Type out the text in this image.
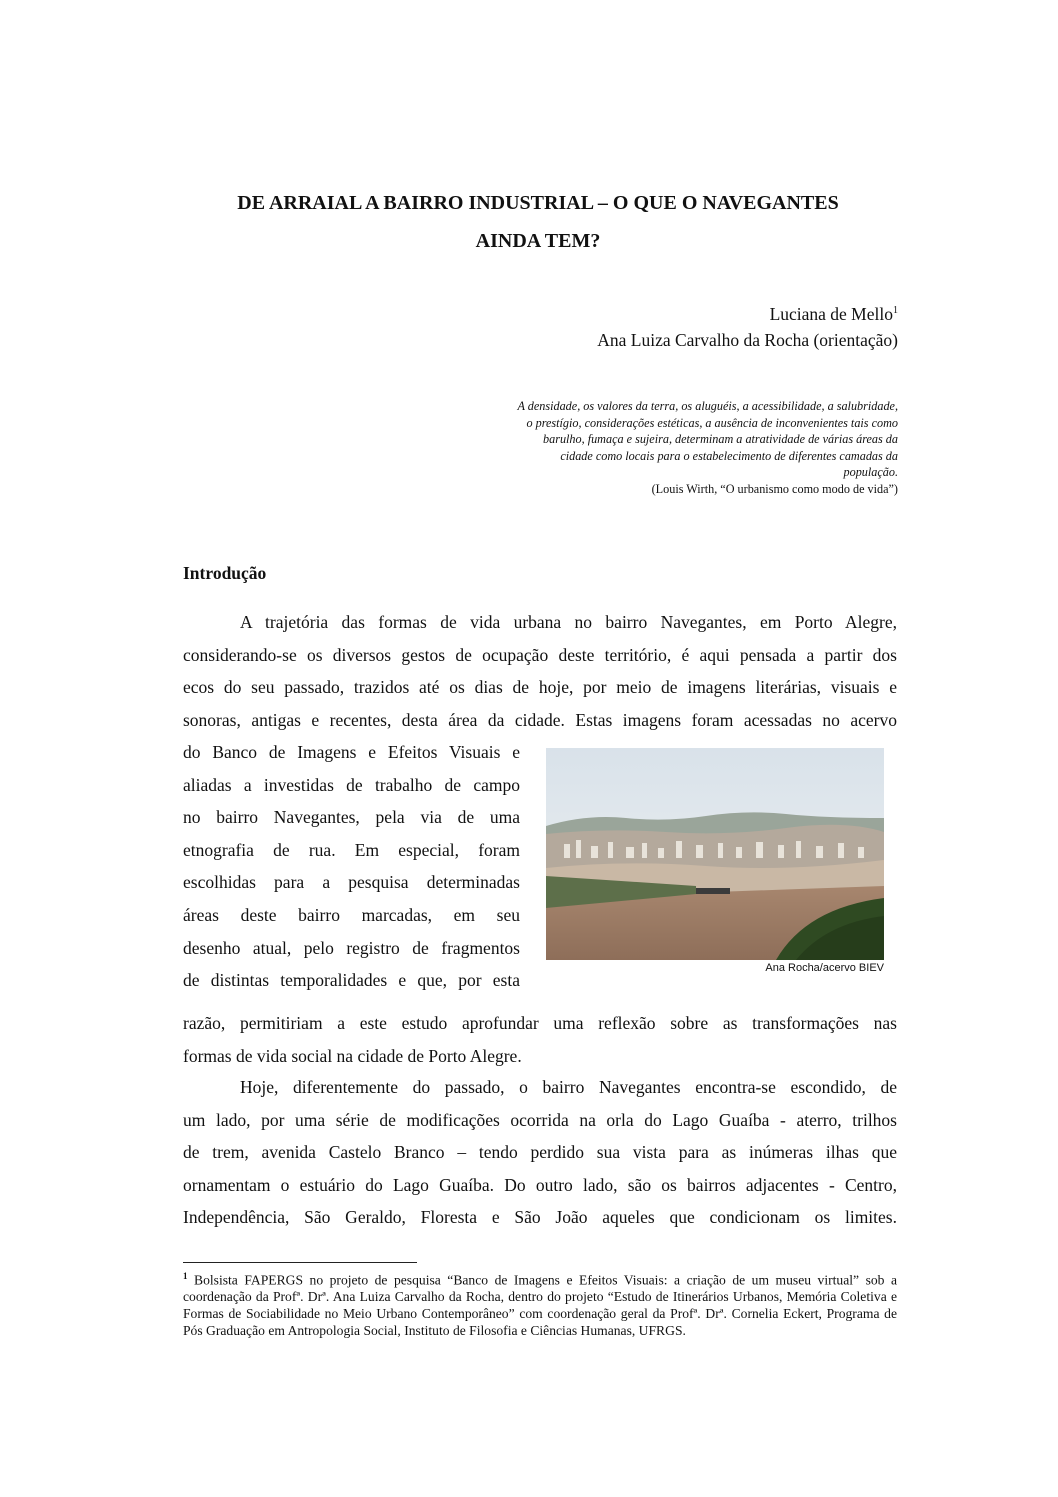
DE ARRAIAL A BAIRRO INDUSTRIAL – O QUE O NAVEGANTES
AINDA TEM?
Luciana de Mello$^1$
Ana Luiza Carvalho da Rocha (orientação)
A densidade, os valores da terra, os aluguéis, a acessibilidade, a salubridade,
o prestígio, considerações estéticas, a ausência de inconvenientes tais como
barulho, fumaça e sujeira, determinam a atratividade de várias áreas da
cidade como locais para o estabelecimento de diferentes camadas da
população.
(Louis Wirth, “O urbanismo como modo de vida”)
Introdução
A trajetória das formas de vida urbana no bairro Navegantes, em Porto Alegre,
considerando-se os diversos gestos de ocupação deste território, é aqui pensada a partir dos
ecos do seu passado, trazidos até os dias de hoje, por meio de imagens literárias, visuais e
sonoras, antigas e recentes, desta área da cidade. Estas imagens foram acessadas no acervo
do Banco de Imagens e Efeitos Visuais e
aliadas a investidas de trabalho de campo
no bairro Navegantes, pela via de uma
etnografia de rua. Em especial, foram
escolhidas para a pesquisa determinadas
áreas deste bairro marcadas, em seu
desenho atual, pelo registro de fragmentos
de distintas temporalidades e que, por esta
Ana Rocha/acervo BIEV
razão, permitiriam a este estudo aprofundar uma reflexão sobre as transformações nas
formas de vida social na cidade de Porto Alegre.
Hoje, diferentemente do passado, o bairro Navegantes encontra-se escondido, de
um lado, por uma série de modificações ocorrida na orla do Lago Guaíba - aterro, trilhos
de trem, avenida Castelo Branco – tendo perdido sua vista para as inúmeras ilhas que
ornamentam o estuário do Lago Guaíba. Do outro lado, são os bairros adjacentes - Centro,
Independência, São Geraldo, Floresta e São João aqueles que condicionam os limites.
$^1$ Bolsista FAPERGS no projeto de pesquisa “Banco de Imagens e Efeitos Visuais: a criação de um museu virtual” sob a coordenação da Profª. Drª. Ana Luiza Carvalho da Rocha, dentro do projeto “Estudo de Itinerários Urbanos, Memória Coletiva e Formas de Sociabilidade no Meio Urbano Contemporâneo” com coordenação geral da Profª. Drª. Cornelia Eckert, Programa de Pós Graduação em Antropologia Social, Instituto de Filosofia e Ciências Humanas, UFRGS.
